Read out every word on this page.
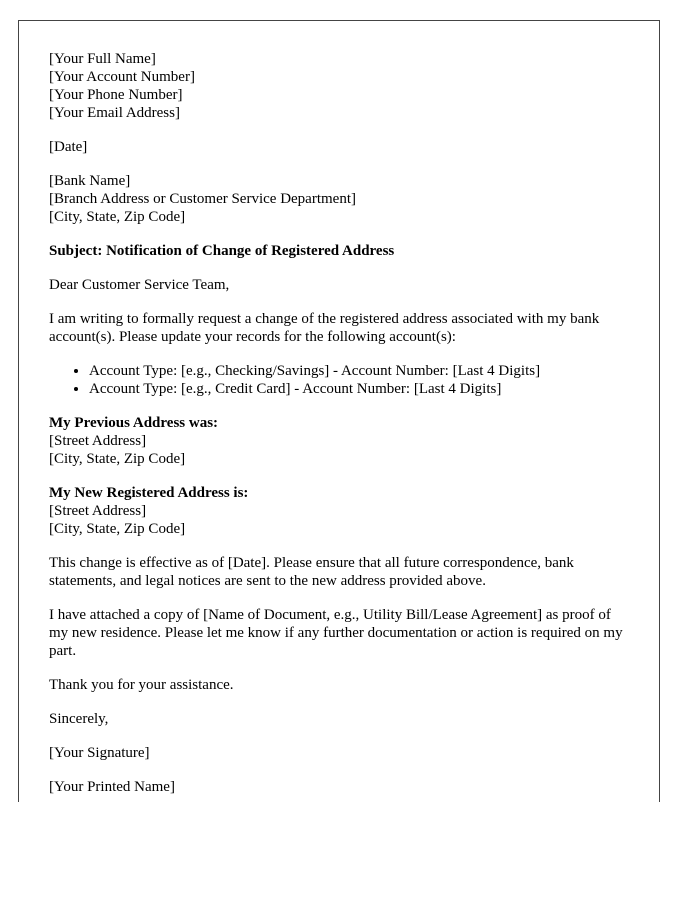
[Your Full Name]
[Your Account Number]
[Your Phone Number]
[Your Email Address]

[Date]

[Bank Name]
[Branch Address or Customer Service Department]
[City, State, Zip Code]

Subject: Notification of Change of Registered Address

Dear Customer Service Team,

I am writing to formally request a change of the registered address associated with my bank account(s). Please update your records for the following account(s):

• Account Type: [e.g., Checking/Savings] - Account Number: [Last 4 Digits]
• Account Type: [e.g., Credit Card] - Account Number: [Last 4 Digits]

My Previous Address was:
[Street Address]
[City, State, Zip Code]

My New Registered Address is:
[Street Address]
[City, State, Zip Code]

This change is effective as of [Date]. Please ensure that all future correspondence, bank statements, and legal notices are sent to the new address provided above.

I have attached a copy of [Name of Document, e.g., Utility Bill/Lease Agreement] as proof of my new residence. Please let me know if any further documentation or action is required on my part.

Thank you for your assistance.

Sincerely,

[Your Signature]

[Your Printed Name]
